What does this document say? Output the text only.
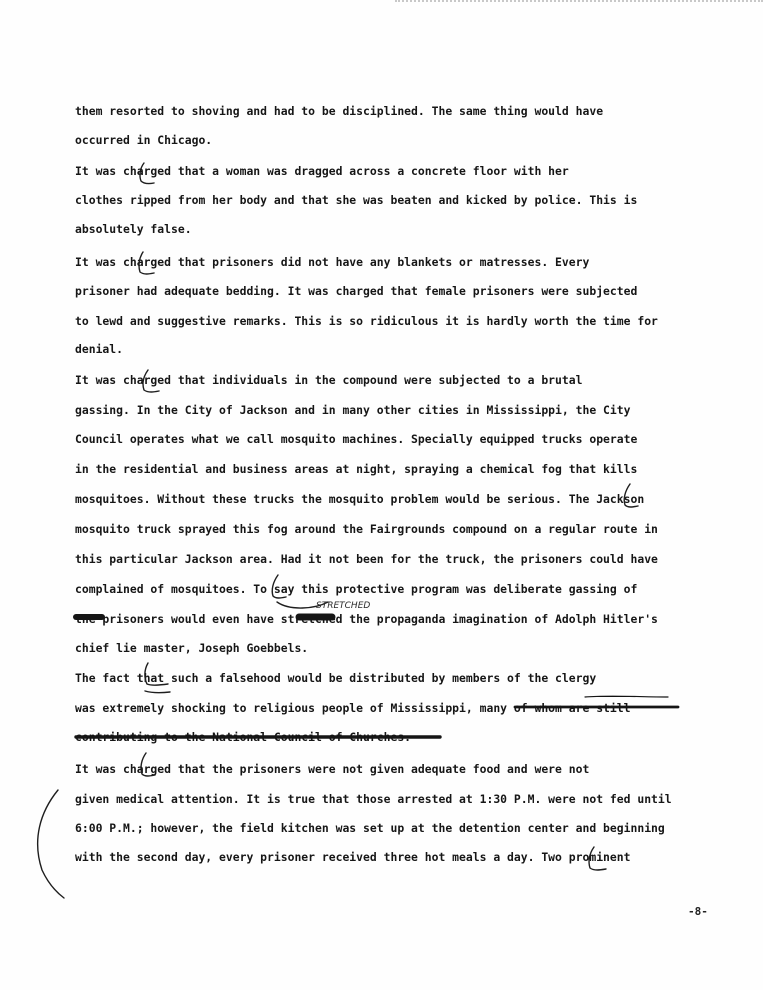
them resorted to shoving and had to be disciplined. The same thing would have

occurred in Chicago.

It was charged that a woman was dragged across a concrete floor with her

clothes ripped from her body and that she was beaten and kicked by police. This is

absolutely false.

It was charged that prisoners did not have any blankets or matresses. Every

prisoner had adequate bedding. It was charged that female prisoners were subjected

to lewd and suggestive remarks. This is so ridiculous it is hardly worth the time for

denial.

It was charged that individuals in the compound were subjected to a brutal

gassing. In the City of Jackson and in many other cities in Mississippi, the City

Council operates what we call mosquito machines. Specially equipped trucks operate

in the residential and business areas at night, spraying a chemical fog that kills

mosquitoes. Without these trucks the mosquito problem would be serious. The Jackson

mosquito truck sprayed this fog around the Fairgrounds compound on a regular route in

this particular Jackson area. Had it not been for the truck, the prisoners could have

complained of mosquitoes. To say this protective program was deliberate gassing of

the prisoners would even have stretched the propaganda imagination of Adolph Hitler's

chief lie master, Joseph Goebbels.

The fact that such a falsehood would be distributed by members of the clergy

was extremely shocking to religious people of Mississippi, many of whom are still

contributing to the National Council of Churches.

It was charged that the prisoners were not given adequate food and were not

given medical attention. It is true that those arrested at 1:30 P.M. were not fed until

6:00 P.M.; however, the field kitchen was set up at the detention center and beginning

with the second day, every prisoner received three hot meals a day. Two prominent

-8-

STRETCHED
